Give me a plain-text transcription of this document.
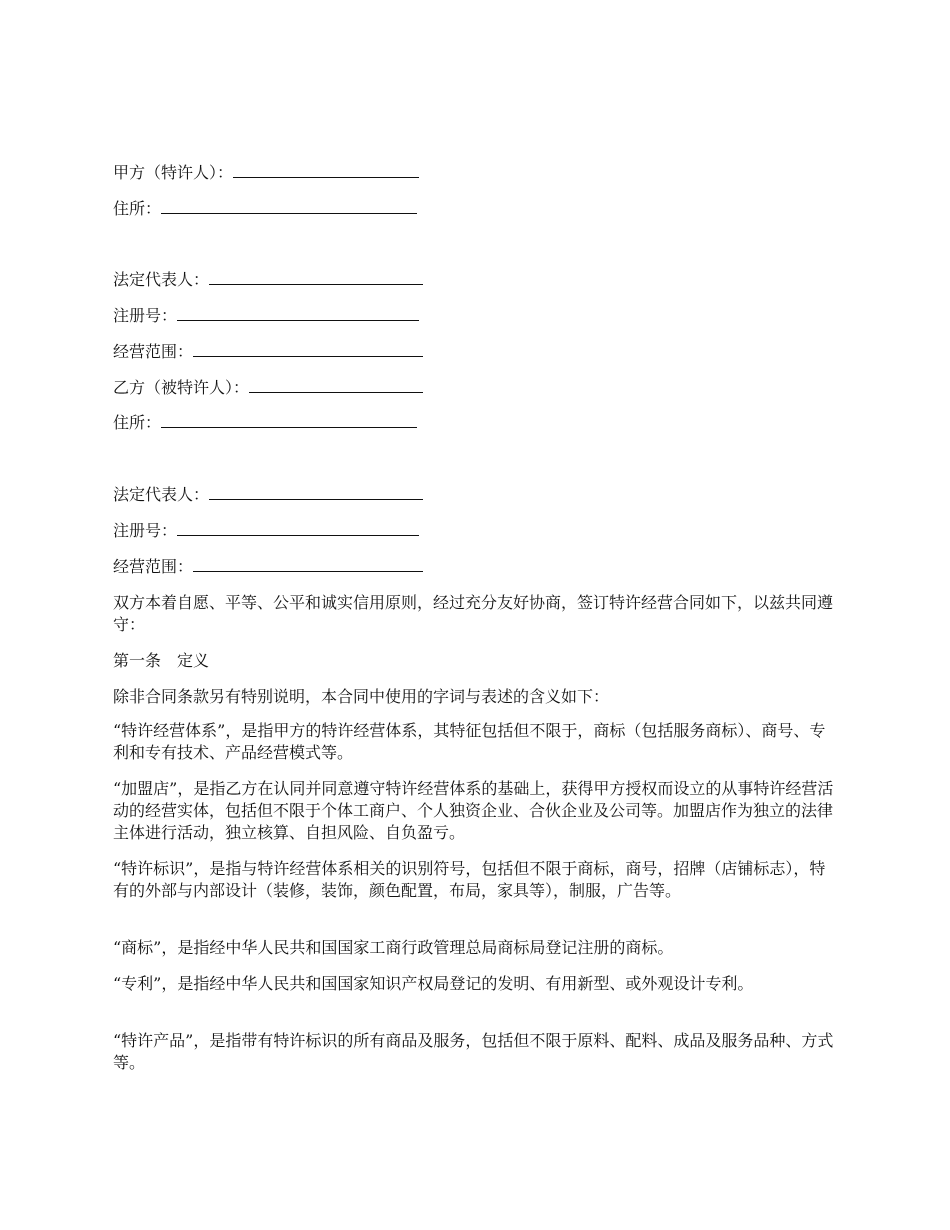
甲方（特许人）：
住所：
法定代表人：
注册号：
经营范围：
乙方（被特许人）：
住所：
法定代表人：
注册号：
经营范围：

双方本着自愿、平等、公平和诚实信用原则，经过充分友好协商，签订特许经营合同如下，以兹共同遵守：

第一条　定义

除非合同条款另有特别说明，本合同中使用的字词与表述的含义如下：

“特许经营体系”，是指甲方的特许经营体系，其特征包括但不限于，商标（包括服务商标）、商号、专利和专有技术、产品经营模式等。

“加盟店”，是指乙方在认同并同意遵守特许经营体系的基础上，获得甲方授权而设立的从事特许经营活动的经营实体，包括但不限于个体工商户、个人独资企业、合伙企业及公司等。加盟店作为独立的法律主体进行活动，独立核算、自担风险、自负盈亏。

“特许标识”，是指与特许经营体系相关的识别符号，包括但不限于商标，商号，招牌（店铺标志），特有的外部与内部设计（装修，装饰，颜色配置，布局，家具等），制服，广告等。

“商标”，是指经中华人民共和国国家工商行政管理总局商标局登记注册的商标。

“专利”，是指经中华人民共和国国家知识产权局登记的发明、有用新型、或外观设计专利。

“特许产品”，是指带有特许标识的所有商品及服务，包括但不限于原料、配料、成品及服务品种、方式等。
